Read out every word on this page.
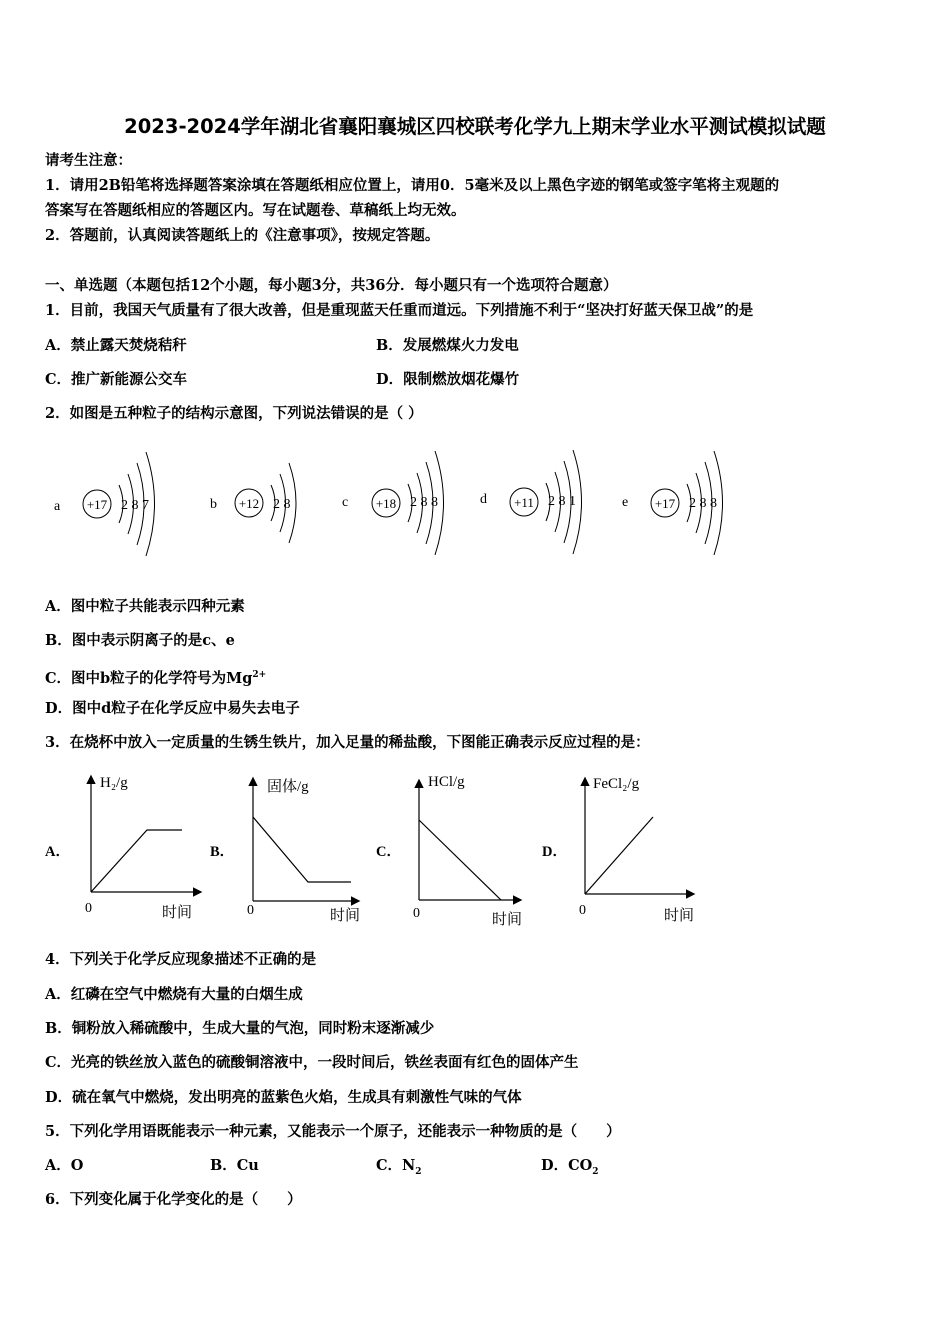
2023-2024学年湖北省襄阳襄城区四校联考化学九上期末学业水平测试模拟试题
请考生注意：
1．请用2B铅笔将选择题答案涂填在答题纸相应位置上，请用0．5毫米及以上黑色字迹的钢笔或签字笔将主观题的
答案写在答题纸相应的答题区内。写在试题卷、草稿纸上均无效。
2．答题前，认真阅读答题纸上的《注意事项》，按规定答题。
一、单选题（本题包括12个小题，每小题3分，共36分．每小题只有一个选项符合题意）
1．目前，我国天气质量有了很大改善，但是重现蓝天任重而道远。下列措施不利于“坚决打好蓝天保卫战”的是
A．禁止露天焚烧秸秆	B．发展燃煤火力发电
C．推广新能源公交车	D．限制燃放烟花爆竹
2．如图是五种粒子的结构示意图，下列说法错误的是（ ）
a +17 2 8 7	b +12 2 8	c +18 2 8 8	d +11 2 8 1	e +17 2 8 8
A．图中粒子共能表示四种元素
B．图中表示阴离子的是c、e
C．图中b粒子的化学符号为$Mg^{2+}$
D．图中d粒子在化学反应中易失去电子
3．在烧杯中放入一定质量的生锈生铁片，加入足量的稀盐酸，下图能正确表示反应过程的是：
A．
H₂/g
0	时间
B．
固体/g
0	时间
C．
HCl/g
0	时间
D．
FeCl₂/g
0	时间
4．下列关于化学反应现象描述不正确的是
A．红磷在空气中燃烧有大量的白烟生成
B．铜粉放入稀硫酸中，生成大量的气泡，同时粉末逐渐减少
C．光亮的铁丝放入蓝色的硫酸铜溶液中，一段时间后，铁丝表面有红色的固体产生
D．硫在氧气中燃烧，发出明亮的蓝紫色火焰，生成具有刺激性气味的气体
5．下列化学用语既能表示一种元素，又能表示一个原子，还能表示一种物质的是（　　）
A．O	B．Cu	C．$N_2$	D．$CO_2$
6．下列变化属于化学变化的是（　　）
